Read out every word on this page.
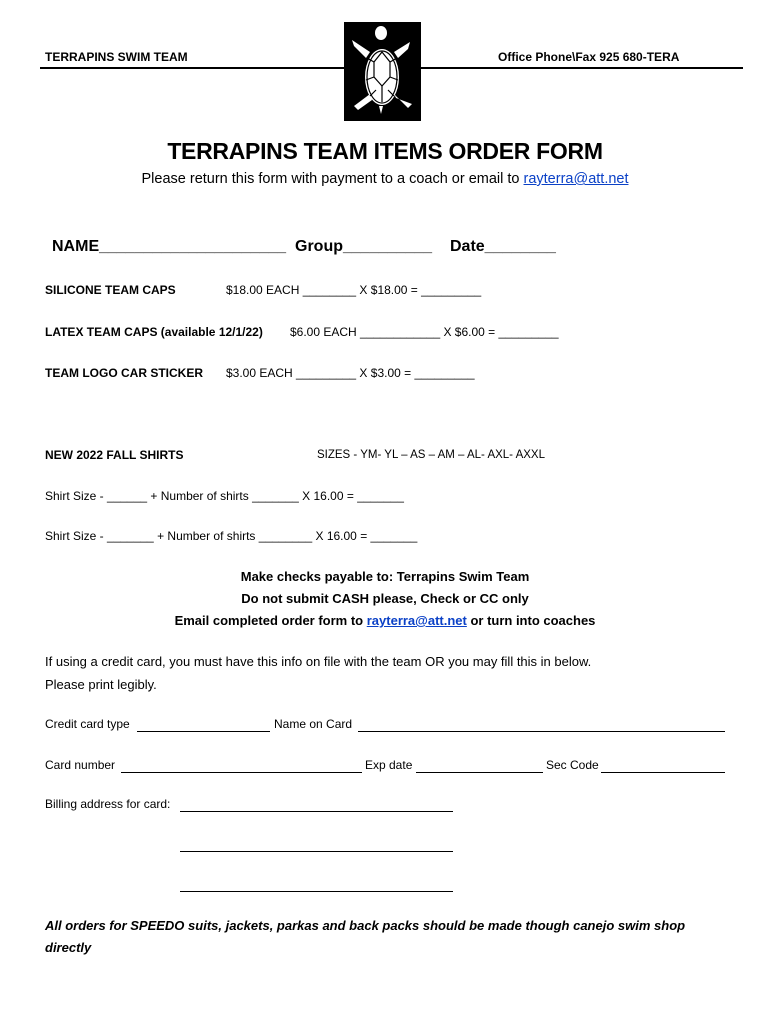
TERRAPINS SWIM TEAM	Office Phone\Fax 925 680-TERA
TERRAPINS TEAM ITEMS ORDER FORM
Please return this form with payment to a coach or email to rayterra@att.net
NAME_____________________ Group__________ Date________
SILICONE TEAM CAPS	$18.00 EACH ________ X $18.00 = _________
LATEX TEAM CAPS (available 12/1/22) $6.00 EACH ____________ X $6.00 = _________
TEAM LOGO CAR STICKER $3.00 EACH _________ X $3.00 = _________
NEW 2022 FALL SHIRTS	SIZES - YM- YL – AS – AM – AL- AXL- AXXL
Shirt Size - ______ + Number of shirts _______ X 16.00 = _______
Shirt Size - _______ + Number of shirts ________ X 16.00 = _______
Make checks payable to: Terrapins Swim Team
Do not submit CASH please, Check or CC only
Email completed order form to rayterra@att.net or turn into coaches
If using a credit card, you must have this info on file with the team OR you may fill this in below.
Please print legibly.
Credit card type	Name on Card
Card number	Exp date	Sec Code
Billing address for card:
All orders for SPEEDO suits, jackets, parkas and back packs should be made though canejo swim shop
directly
